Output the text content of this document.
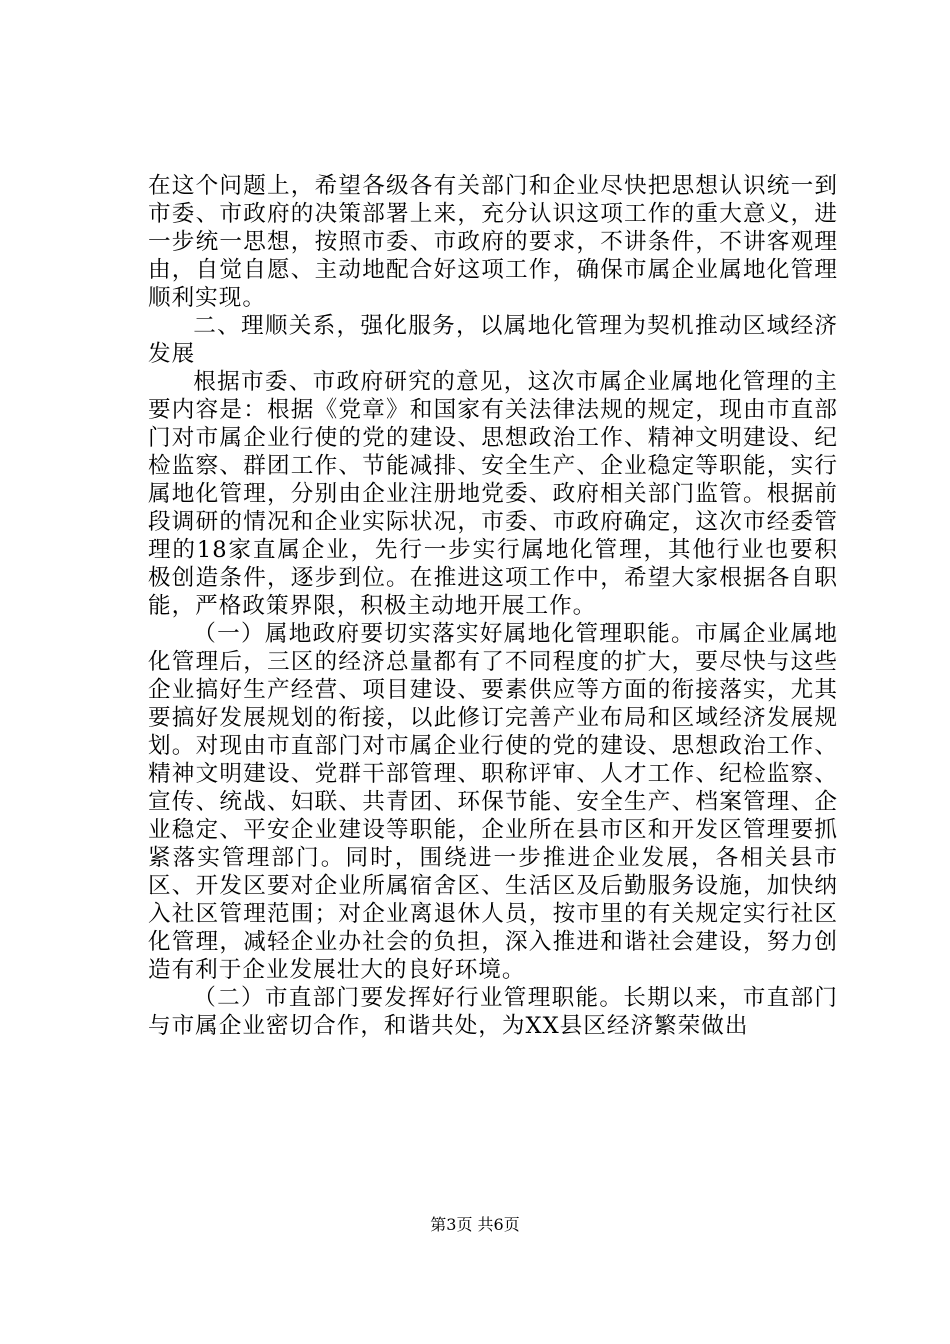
在这个问题上，希望各级各有关部门和企业尽快把思想认识统一到市委、市政府的决策部署上来，充分认识这项工作的重大意义，进一步统一思想，按照市委、市政府的要求，不讲条件，不讲客观理由，自觉自愿、主动地配合好这项工作，确保市属企业属地化管理顺利实现。

二、理顺关系，强化服务，以属地化管理为契机推动区域经济发展

根据市委、市政府研究的意见，这次市属企业属地化管理的主要内容是：根据《党章》和国家有关法律法规的规定，现由市直部门对市属企业行使的党的建设、思想政治工作、精神文明建设、纪检监察、群团工作、节能减排、安全生产、企业稳定等职能，实行属地化管理，分别由企业注册地党委、政府相关部门监管。根据前段调研的情况和企业实际状况，市委、市政府确定，这次市经委管理的18家直属企业，先行一步实行属地化管理，其他行业也要积极创造条件，逐步到位。在推进这项工作中，希望大家根据各自职能，严格政策界限，积极主动地开展工作。

（一）属地政府要切实落实好属地化管理职能。市属企业属地化管理后，三区的经济总量都有了不同程度的扩大，要尽快与这些企业搞好生产经营、项目建设、要素供应等方面的衔接落实，尤其要搞好发展规划的衔接，以此修订完善产业布局和区域经济发展规划。对现由市直部门对市属企业行使的党的建设、思想政治工作、精神文明建设、党群干部管理、职称评审、人才工作、纪检监察、宣传、统战、妇联、共青团、环保节能、安全生产、档案管理、企业稳定、平安企业建设等职能，企业所在县市区和开发区管理要抓紧落实管理部门。同时，围绕进一步推进企业发展，各相关县市区、开发区要对企业所属宿舍区、生活区及后勤服务设施，加快纳入社区管理范围；对企业离退休人员，按市里的有关规定实行社区化管理，减轻企业办社会的负担，深入推进和谐社会建设，努力创造有利于企业发展壮大的良好环境。

（二）市直部门要发挥好行业管理职能。长期以来，市直部门与市属企业密切合作，和谐共处，为XX县区经济繁荣做出

第3页 共6页
